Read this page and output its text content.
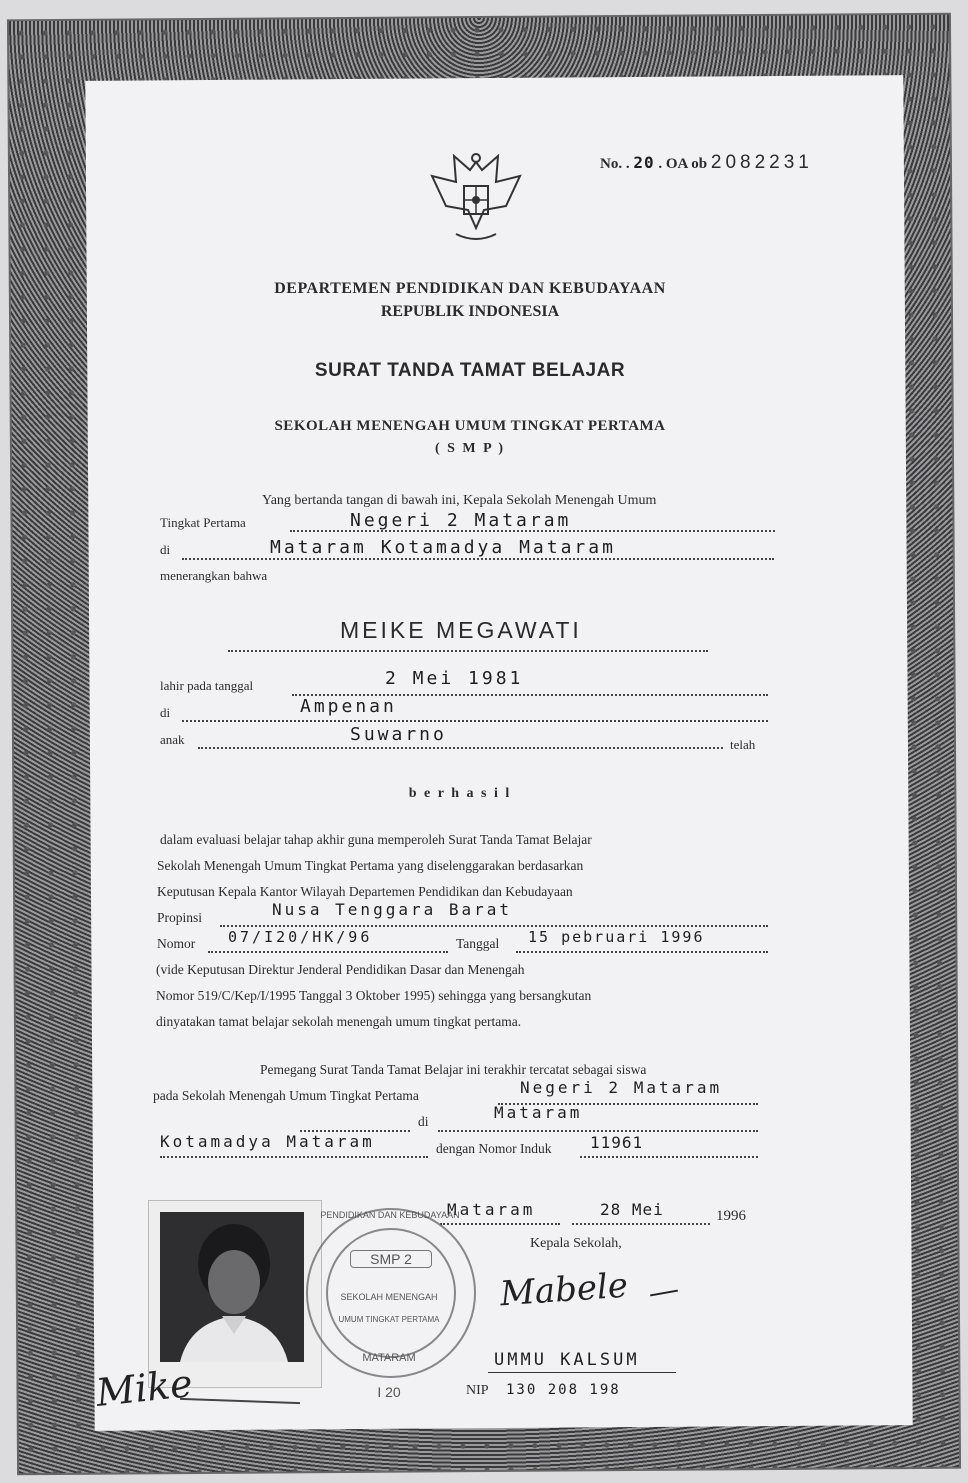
No. . 20 . OA ob 2082231
DEPARTEMEN PENDIDIKAN DAN KEBUDAYAAN
REPUBLIK INDONESIA
SURAT TANDA TAMAT BELAJAR
SEKOLAH MENENGAH UMUM TINGKAT PERTAMA
( S M P )
Yang bertanda tangan di bawah ini, Kepala Sekolah Menengah Umum
Tingkat Pertama	Negeri 2 Mataram
di	Mataram Kotamadya Mataram
menerangkan bahwa
MEIKE MEGAWATI
lahir pada tanggal	2 Mei 1981
di	Ampenan
anak	Suwarno	telah
b e r h a s i l
dalam evaluasi belajar tahap akhir guna memperoleh Surat Tanda Tamat Belajar
Sekolah Menengah Umum Tingkat Pertama yang diselenggarakan berdasarkan
Keputusan Kepala Kantor Wilayah Departemen Pendidikan dan Kebudayaan
Propinsi	Nusa Tenggara Barat
Nomor 07/I20/HK/96	Tanggal 15 pebruari 1996
(vide Keputusan Direktur Jenderal Pendidikan Dasar dan Menengah
Nomor 519/C/Kep/I/1995 Tanggal 3 Oktober 1995) sehingga yang bersangkutan
dinyatakan tamat belajar sekolah menengah umum tingkat pertama.
Pemegang Surat Tanda Tamat Belajar ini terakhir tercatat sebagai siswa
pada Sekolah Menengah Umum Tingkat Pertama	Negeri 2 Mataram
di	Mataram
Kotamadya Mataram	dengan Nomor Induk 11961
Mataram	28 Mei	1996
Kepala Sekolah,
Mabele
UMMU KALSUM
NIP 130 208 198
PENDIDIKAN DAN KEBUDAYAAN
SMP 2
SEKOLAH MENENGAH
UMUM TINGKAT PERTAMA
MATARAM
I 20
Mike
